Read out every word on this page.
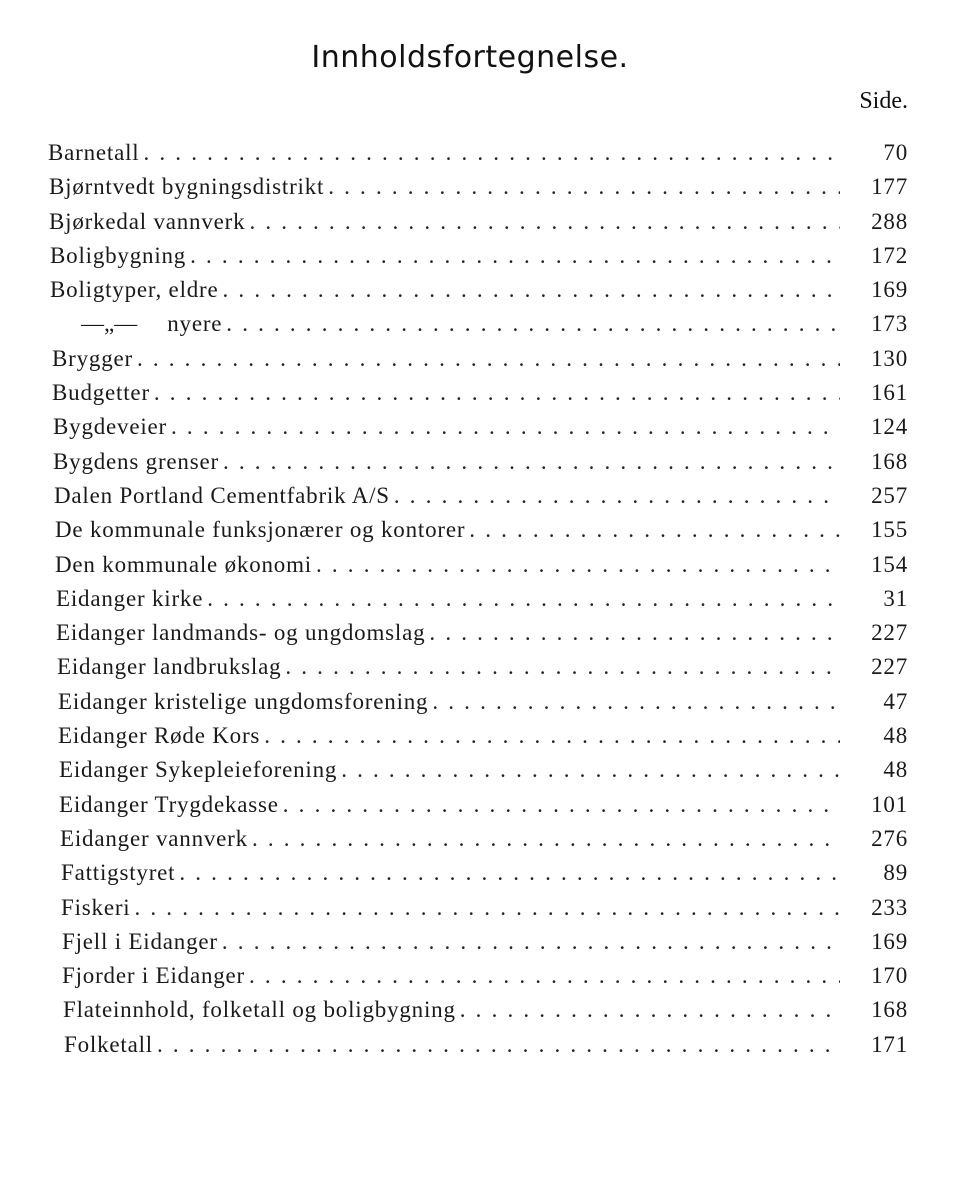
Innholdsfortegnelse.
Side.
Barnetall . . .	70
Bjørntvedt bygningsdistrikt . . .	177
Bjørkedal vannverk . . .	288
Boligbygning . . .	172
Boligtyper, eldre . . .	169
—„— nyere . . .	173
Brygger . . .	130
Budgetter . . .	161
Bygdeveier . . .	124
Bygdens grenser . . .	168
Dalen Portland Cementfabrik A/S . . .	257
De kommunale funksjonærer og kontorer . . .	155
Den kommunale økonomi . . .	154
Eidanger kirke . . .	31
Eidanger landmands- og ungdomslag . . .	227
Eidanger landbrukslag . . .	227
Eidanger kristelige ungdomsforening . . .	47
Eidanger Røde Kors . . .	48
Eidanger Sykepleieforening . . .	48
Eidanger Trygdekasse . . .	101
Eidanger vannverk . . .	276
Fattigstyret . . .	89
Fiskeri . . .	233
Fjell i Eidanger . . .	169
Fjorder i Eidanger . . .	170
Flateinnhold, folketall og boligbygning . . .	168
Folketall . . .	171
